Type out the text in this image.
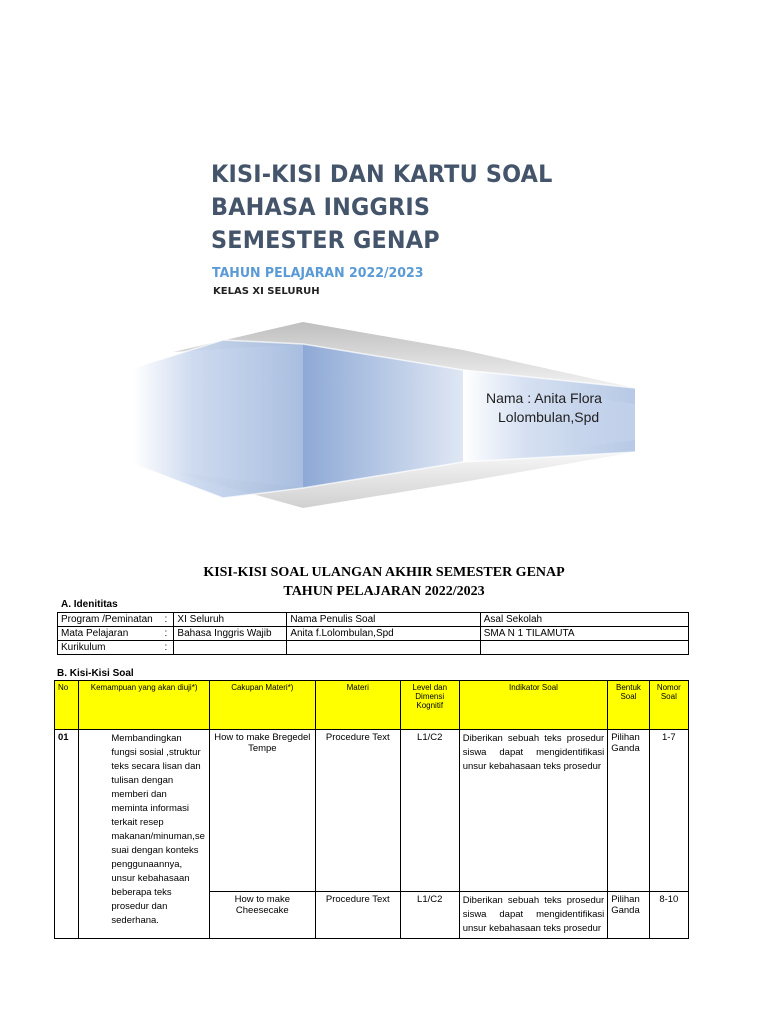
KISI-KISI DAN KARTU SOAL
BAHASA INGGRIS
SEMESTER GENAP
TAHUN PELAJARAN 2022/2023
KELAS XI SELURUH
Nama : Anita Flora
Lolombulan,Spd
KISI-KISI SOAL ULANGAN AKHIR SEMESTER GENAP
TAHUN PELAJARAN 2022/2023
A. Idenititas
Program /Peminatan	:	XI Seluruh	Nama Penulis Soal	Asal Sekolah
Mata Pelajaran	:	Bahasa Inggris Wajib	Anita f.Lolombulan,Spd	SMA N 1 TILAMUTA
Kurikulum	:			
B. Kisi-Kisi Soal
No	Kemampuan yang akan diuji*)	Cakupan Materi*)	Materi	Level dan Dimensi Kognitif	Indikator Soal	Bentuk Soal	Nomor Soal
01	Membandingkan fungsi sosial ,struktur teks secara lisan dan tulisan dengan memberi dan meminta informasi terkait resep makanan/minuman,se suai dengan konteks penggunaannya, unsur kebahasaan beberapa teks prosedur dan sederhana.	How to make Bregedel Tempe	Procedure Text	L1/C2	Diberikan sebuah teks prosedur siswa dapat mengidentifikasi unsur kebahasaan teks prosedur	Pilihan Ganda	1-7
		How to make Cheesecake	Procedure Text	L1/C2	Diberikan sebuah teks prosedur siswa dapat mengidentifikasi unsur kebahasaan teks prosedur	Pilihan Ganda	8-10
